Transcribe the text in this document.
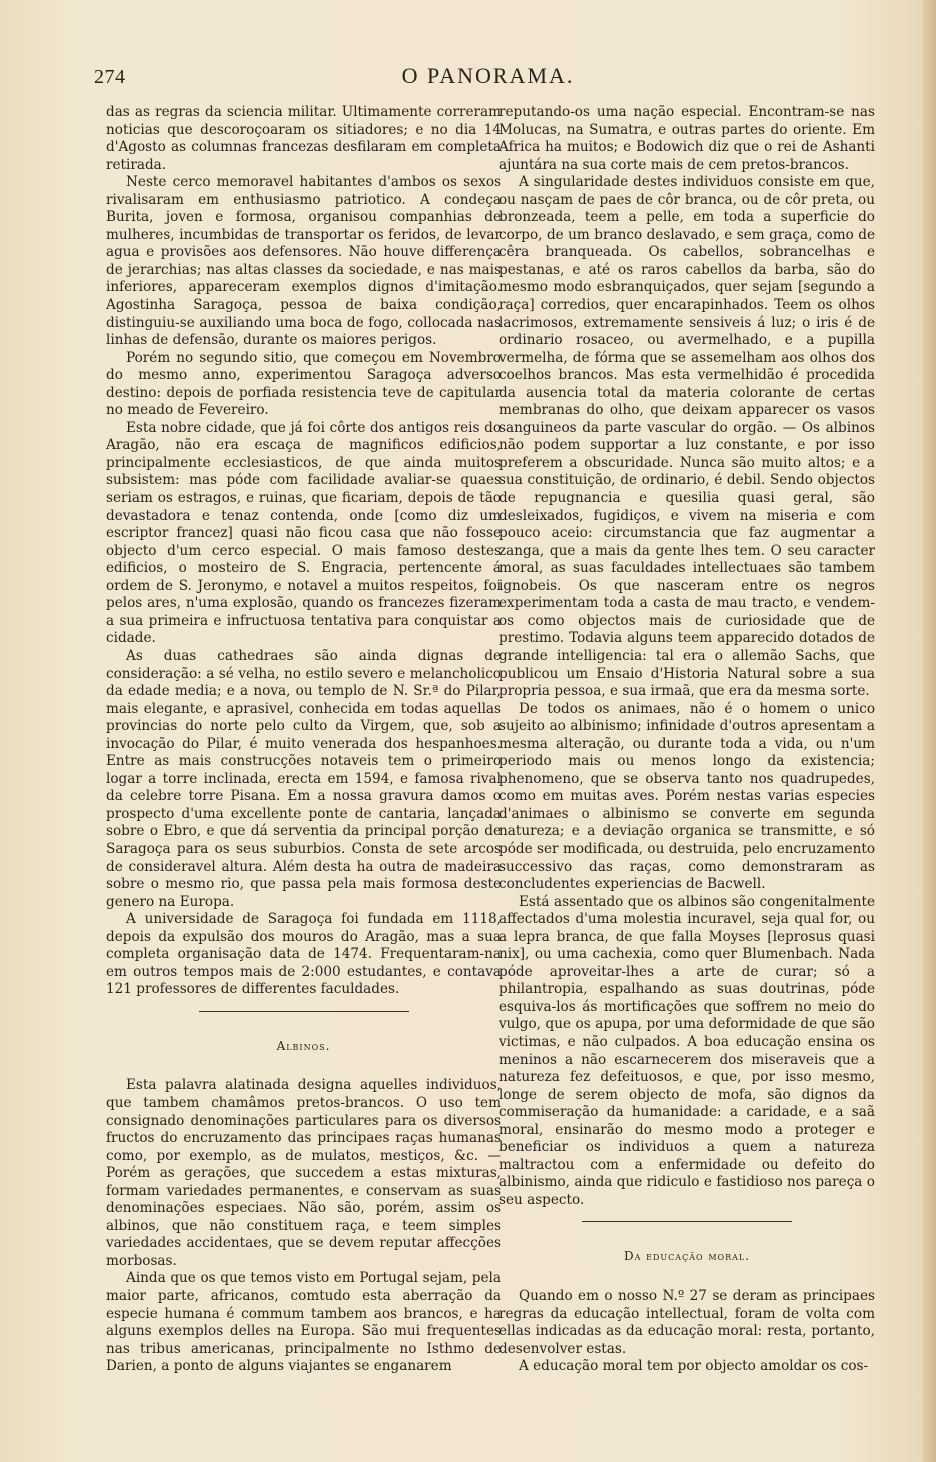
274	O PANORAMA.

das as regras da sciencia militar. Ultimamente correram noticias que descoroçoaram os sitiadores; e no dia 14 d'Agosto as columnas francezas desfilaram em completa retirada.

Neste cerco memoravel habitantes d'ambos os sexos rivalisaram em enthusiasmo patriotico. A condeça Burita, joven e formosa, organisou companhias de mulheres, incumbidas de transportar os feridos, de levar agua e provisões aos defensores. Não houve differença de jerarchias; nas altas classes da sociedade, e nas mais inferiores, appareceram exemplos dignos d'imitação. Agostinha Saragoça, pessoa de baixa condição, distinguiu-se auxiliando uma boca de fogo, collocada nas linhas de defensão, durante os maiores perigos.

Porém no segundo sitio, que começou em Novembro do mesmo anno, experimentou Saragoça adverso destino: depois de porfiada resistencia teve de capitular no meado de Fevereiro.

Esta nobre cidade, que já foi côrte dos antigos reis do Aragão, não era escaça de magnificos edificios, principalmente ecclesiasticos, de que ainda muitos subsistem: mas póde com facilidade avaliar-se quaes seriam os estragos, e ruinas, que ficariam, depois de tão devastadora e tenaz contenda, onde [como diz um escriptor francez] quasi não ficou casa que não fosse objecto d'um cerco especial. O mais famoso destes edificios, o mosteiro de S. Engracia, pertencente á ordem de S. Jeronymo, e notavel a muitos respeitos, foi pelos ares, n'uma explosão, quando os francezes fizeram a sua primeira e infructuosa tentativa para conquistar a cidade.

As duas cathedraes são ainda dignas de consideração: a sé velha, no estilo severo e melancholico da edade media; e a nova, ou templo de N. Sr.ª do Pilar, mais elegante, e aprasivel, conhecida em todas aquellas provincias do norte pelo culto da Virgem, que, sob a invocação do Pilar, é muito venerada dos hespanhoes. Entre as mais construcções notaveis tem o primeiro logar a torre inclinada, erecta em 1594, e famosa rival da celebre torre Pisana. Em a nossa gravura damos o prospecto d'uma excellente ponte de cantaria, lançada sobre o Ebro, e que dá serventia da principal porção de Saragoça para os seus suburbios. Consta de sete arcos de consideravel altura. Além desta ha outra de madeira sobre o mesmo rio, que passa pela mais formosa deste genero na Europa.

A universidade de Saragoça foi fundada em 1118, depois da expulsão dos mouros do Aragão, mas a sua completa organisação data de 1474. Frequentaram-na em outros tempos mais de 2:000 estudantes, e contava 121 professores de differentes faculdades.

Albinos.

Esta palavra alatinada designa aquelles individuos, que tambem chamâmos pretos-brancos. O uso tem consignado denominações particulares para os diversos fructos do encruzamento das principaes raças humanas como, por exemplo, as de mulatos, mestiços, &c. — Porém as gerações, que succedem a estas mixturas, formam variedades permanentes, e conservam as suas denominações especiaes. Não são, porém, assim os albinos, que não constituem raça, e teem simples variedades accidentaes, que se devem reputar affecções morbosas.

Ainda que os que temos visto em Portugal sejam, pela maior parte, africanos, comtudo esta aberração da especie humana é commum tambem aos brancos, e ha alguns exemplos delles na Europa. São mui frequentes nas tribus americanas, principalmente no Isthmo de Darien, a ponto de alguns viajantes se enganarem

reputando-os uma nação especial. Encontram-se nas Molucas, na Sumatra, e outras partes do oriente. Em Africa ha muitos; e Bodowich diz que o rei de Ashanti ajuntára na sua corte mais de cem pretos-brancos.

A singularidade destes individuos consiste em que, ou nasçam de paes de côr branca, ou de côr preta, ou bronzeada, teem a pelle, em toda a superficie do corpo, de um branco deslavado, e sem graça, como de cêra branqueada. Os cabellos, sobrancelhas e pestanas, e até os raros cabellos da barba, são do mesmo modo esbranquiçados, quer sejam [segundo a raça] corredios, quer encarapinhados. Teem os olhos lacrimosos, extremamente sensiveis á luz; o iris é de ordinario rosaceo, ou avermelhado, e a pupilla vermelha, de fórma que se assemelham aos olhos dos coelhos brancos. Mas esta vermelhidão é procedida da ausencia total da materia colorante de certas membranas do olho, que deixam apparecer os vasos sanguineos da parte vascular do orgão. — Os albinos não podem supportar a luz constante, e por isso preferem a obscuridade. Nunca são muito altos; e a sua constituição, de ordinario, é debil. Sendo objectos de repugnancia e quesilia quasi geral, são desleixados, fugidiços, e vivem na miseria e com pouco aceio: circumstancia que faz augmentar a zanga, que a mais da gente lhes tem. O seu caracter moral, as suas faculdades intellectuaes são tambem ignobeis. Os que nasceram entre os negros experimentam toda a casta de mau tracto, e vendem-os como objectos mais de curiosidade que de prestimo. Todavia alguns teem apparecido dotados de grande intelligencia: tal era o allemão Sachs, que publicou um Ensaio d'Historia Natural sobre a sua propria pessoa, e sua irmaã, que era da mesma sorte.

De todos os animaes, não é o homem o unico sujeito ao albinismo; infinidade d'outros apresentam a mesma alteração, ou durante toda a vida, ou n'um periodo mais ou menos longo da existencia; phenomeno, que se observa tanto nos quadrupedes, como em muitas aves. Porém nestas varias especies d'animaes o albinismo se converte em segunda natureza; e a deviação organica se transmitte, e só póde ser modificada, ou destruida, pelo encruzamento successivo das raças, como demonstraram as concludentes experiencias de Bacwell.

Está assentado que os albinos são congenitalmente affectados d'uma molestia incuravel, seja qual for, ou a lepra branca, de que falla Moyses [leprosus quasi nix], ou uma cachexia, como quer Blumenbach. Nada póde aproveitar-lhes a arte de curar; só a philantropia, espalhando as suas doutrinas, póde esquiva-los ás mortificações que soffrem no meio do vulgo, que os apupa, por uma deformidade de que são victimas, e não culpados. A boa educação ensina os meninos a não escarnecerem dos miseraveis que a natureza fez defeituosos, e que, por isso mesmo, longe de serem objecto de mofa, são dignos da commiseração da humanidade: a caridade, e a saã moral, ensinarão do mesmo modo a proteger e beneficiar os individuos a quem a natureza maltractou com a enfermidade ou defeito do albinismo, ainda que ridiculo e fastidioso nos pareça o seu aspecto.

Da educação moral.

Quando em o nosso N.º 27 se deram as principaes regras da educação intellectual, foram de volta com ellas indicadas as da educação moral: resta, portanto, desenvolver estas.

A educação moral tem por objecto amoldar os cos-
